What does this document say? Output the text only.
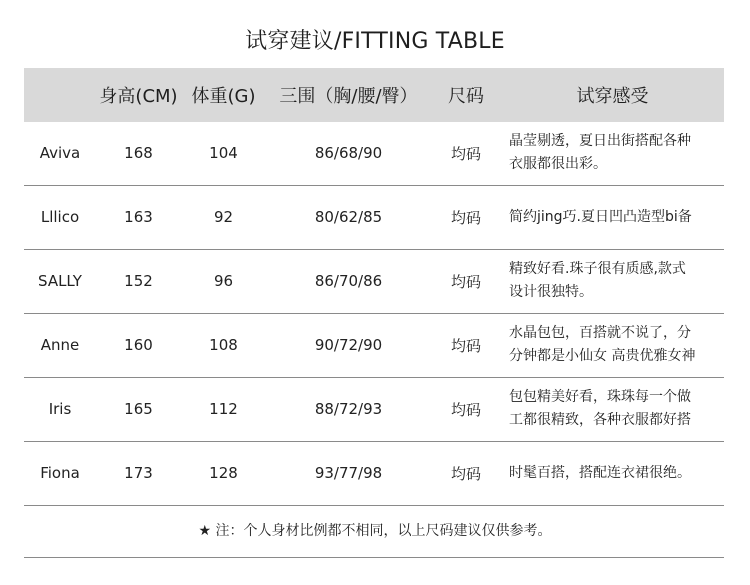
试穿建议/FITTING TABLE
	身高(CM)	体重(G)	三围（胸/腰/臀）	尺码	试穿感受
Aviva	168	104	86/68/90	均码	晶莹剔透，夏日出街搭配各种
衣服都很出彩。

Lllico	163	92	80/62/85	均码	简约jing巧.夏日凹凸造型bi备

SALLY	152	96	86/70/86	均码	精致好看.珠子很有质感,款式
设计很独特。

Anne	160	108	90/72/90	均码	水晶包包，百搭就不说了，分
分钟都是小仙女 高贵优雅女神

Iris	165	112	88/72/93	均码	包包精美好看，珠珠每一个做
工都很精致，各种衣服都好搭

Fiona	173	128	93/77/98	均码	时髦百搭，搭配连衣裙很绝。
★ 注：个人身材比例都不相同，以上尺码建议仅供参考。
